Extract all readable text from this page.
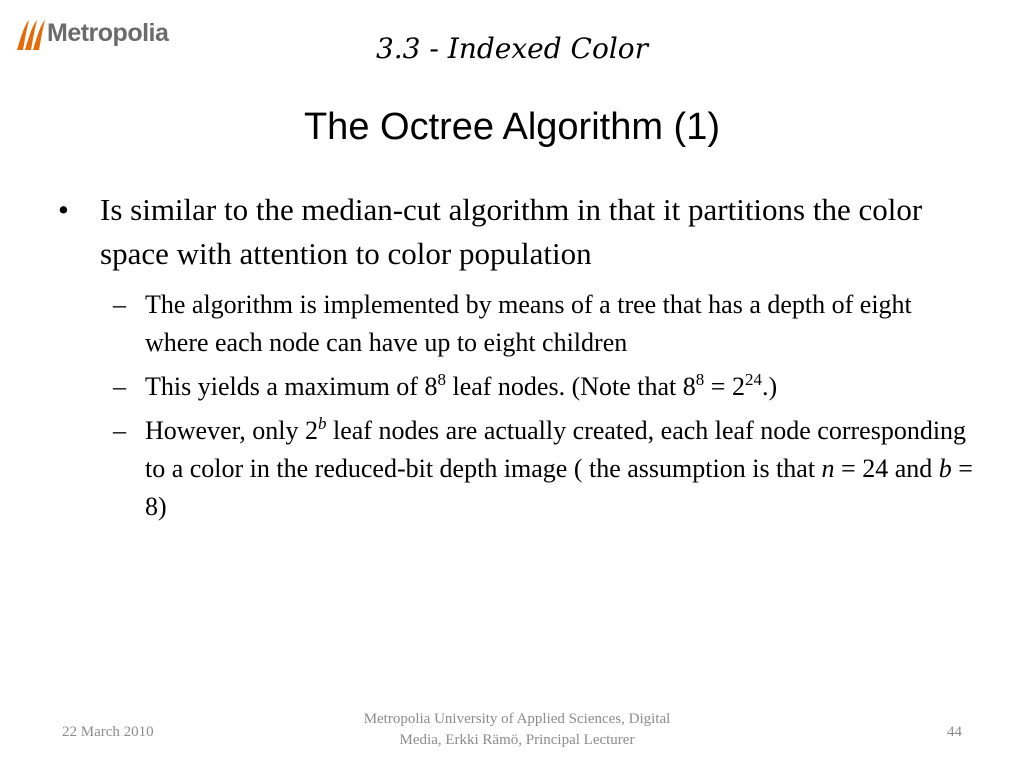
Metropolia	3.3 - Indexed Color
The Octree Algorithm (1)

• Is similar to the median-cut algorithm in that it partitions the color space with attention to color population

– The algorithm is implemented by means of a tree that has a depth of eight where each node can have up to eight children

– This yields a maximum of $8^8$ leaf nodes. (Note that $8^8 = 2^{24}$.)

– However, only 2$^b$ leaf nodes are actually created, each leaf node corresponding to a color in the reduced-bit depth image ( the assumption is that n = 24 and b = 8)

22 March 2010
Metropolia University of Applied Sciences, Digital
Media, Erkki Rämö, Principal Lecturer	44
